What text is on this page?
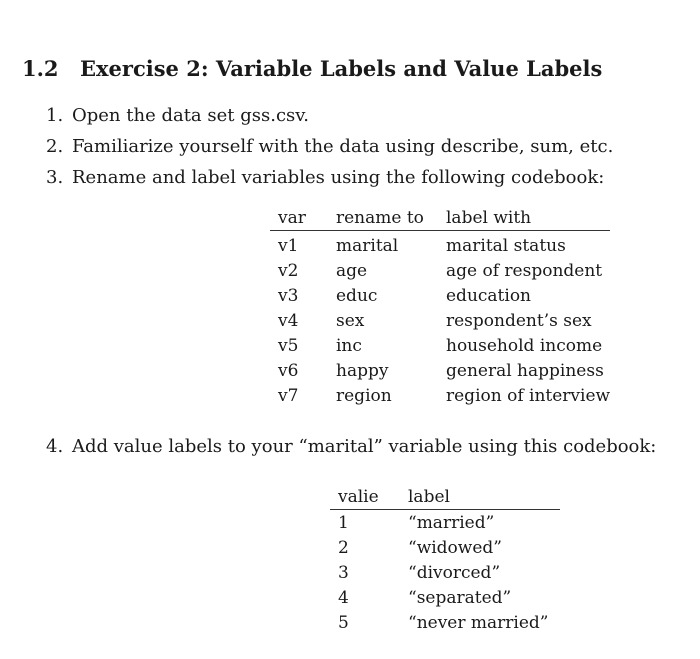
1.2 Exercise 2: Variable Labels and Value Labels
1. Open the data set gss.csv.
2. Familiarize yourself with the data using describe, sum, etc.
3. Rename and label variables using the following codebook:
var	rename to	label with
v1	marital	marital status
v2	age	age of respondent
v3	educ	education
v4	sex	respondent’s sex
v5	inc	household income
v6	happy	general happiness
v7	region	region of interview
4. Add value labels to your “marital” variable using this codebook:
valie	label
1	“married”
2	“widowed”
3	“divorced”
4	“separated”
5	“never married”
